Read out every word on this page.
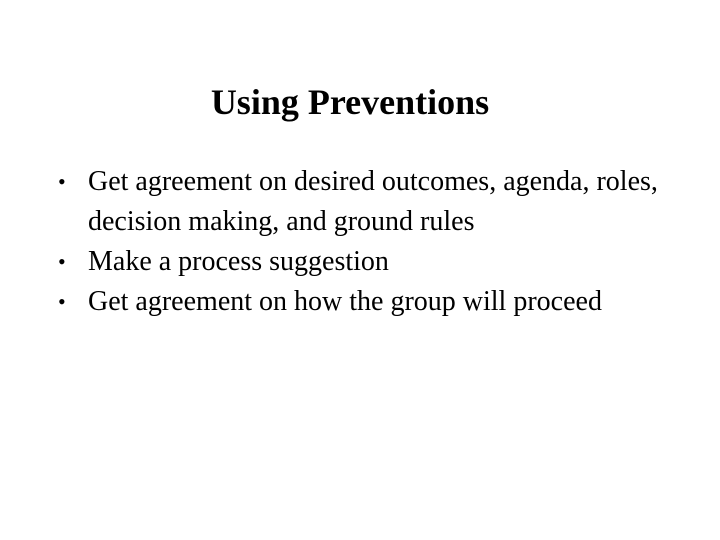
Using Preventions
• Get agreement on desired outcomes, agenda, roles, decision making, and ground rules
• Make a process suggestion
• Get agreement on how the group will proceed
